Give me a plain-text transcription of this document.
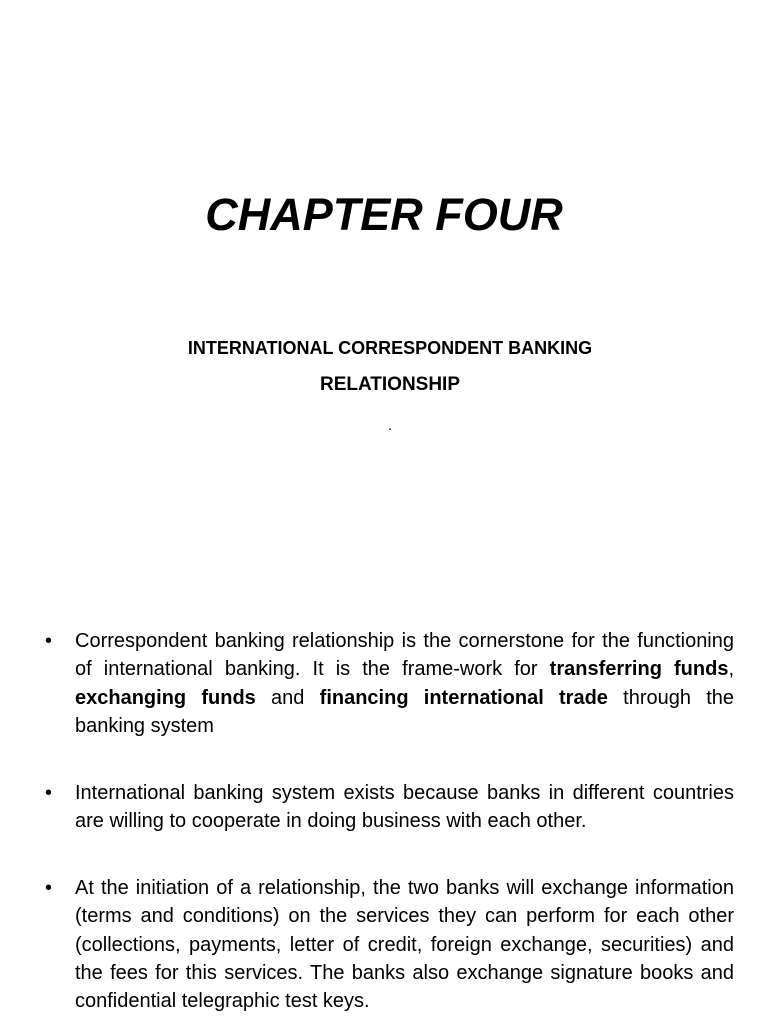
CHAPTER FOUR
INTERNATIONAL CORRESPONDENT BANKING
RELATIONSHIP
.
• Correspondent banking relationship is the cornerstone for the functioning of international banking. It is the frame-work for transferring funds, exchanging funds and financing international trade through the banking system
• International banking system exists because banks in different countries are willing to cooperate in doing business with each other.
• At the initiation of a relationship, the two banks will exchange information (terms and conditions) on the services they can perform for each other (collections, payments, letter of credit, foreign exchange, securities) and the fees for this services. The banks also exchange signature books and confidential telegraphic test keys.
